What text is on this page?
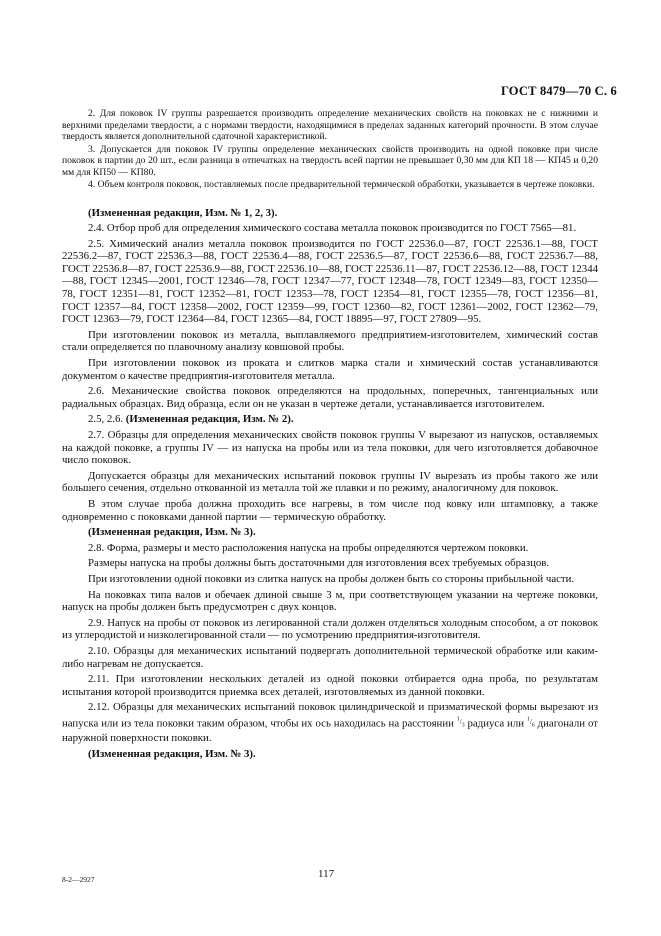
ГОСТ 8479—70 С. 6

2. Для поковок IV группы разрешается производить определение механических свойств на поковках не с нижними и верхними пределами твердости, а с нормами твердости, находящимися в пределах заданных категорий прочности. В этом случае твердость является дополнительной сдаточной характеристикой.

3. Допускается для поковок IV группы определение механических свойств производить на одной поковке при числе поковок в партии до 20 шт., если разница в отпечатках на твердость всей партии не превышает 0,30 мм для КП 18 — КП45 и 0,20 мм для КП50 — КП80.

4. Объем контроля поковок, поставляемых после предварительной термической обработки, указывается в чертеже поковки.

(Измененная редакция, Изм. № 1, 2, 3).

2.4. Отбор проб для определения химического состава металла поковок производится по ГОСТ 7565—81.

2.5. Химический анализ металла поковок производится по ГОСТ 22536.0—87, ГОСТ 22536.1—88, ГОСТ 22536.2—87, ГОСТ 22536.3—88, ГОСТ 22536.4—88, ГОСТ 22536.5—87, ГОСТ 22536.6—88, ГОСТ 22536.7—88, ГОСТ 22536.8—87, ГОСТ 22536.9—88, ГОСТ 22536.10—88, ГОСТ 22536.11—87, ГОСТ 22536.12—88, ГОСТ 12344—88, ГОСТ 12345—2001, ГОСТ 12346—78, ГОСТ 12347—77, ГОСТ 12348—78, ГОСТ 12349—83, ГОСТ 12350—78, ГОСТ 12351—81, ГОСТ 12352—81, ГОСТ 12353—78, ГОСТ 12354—81, ГОСТ 12355—78, ГОСТ 12356—81, ГОСТ 12357—84, ГОСТ 12358—2002, ГОСТ 12359—99, ГОСТ 12360—82, ГОСТ 12361—2002, ГОСТ 12362—79, ГОСТ 12363—79, ГОСТ 12364—84, ГОСТ 12365—84, ГОСТ 18895—97, ГОСТ 27809—95.

При изготовлении поковок из металла, выплавляемого предприятием-изготовителем, химический состав стали определяется по плавочному анализу ковшовой пробы.

При изготовлении поковок из проката и слитков марка стали и химический состав устанавливаются документом о качестве предприятия-изготовителя металла.

2.6. Механические свойства поковок определяются на продольных, поперечных, тангенциальных или радиальных образцах. Вид образца, если он не указан в чертеже детали, устанавливается изготовителем.

2.5, 2.6. (Измененная редакция, Изм. № 2).

2.7. Образцы для определения механических свойств поковок группы V вырезают из напусков, оставляемых на каждой поковке, а группы IV — из напуска на пробы или из тела поковки, для чего изготовляется добавочное число поковок.

Допускается образцы для механических испытаний поковок группы IV вырезать из пробы такого же или большего сечения, отдельно откованной из металла той же плавки и по режиму, аналогичному для поковок.

В этом случае проба должна проходить все нагревы, в том числе под ковку или штамповку, а также одновременно с поковками данной партии — термическую обработку.

(Измененная редакция, Изм. № 3).

2.8. Форма, размеры и место расположения напуска на пробы определяются чертежом поковки.

Размеры напуска на пробы должны быть достаточными для изготовления всех требуемых образцов.

При изготовлении одной поковки из слитка напуск на пробы должен быть со стороны прибыльной части.

На поковках типа валов и обечаек длиной свыше 3 м, при соответствующем указании на чертеже поковки, напуск на пробы должен быть предусмотрен с двух концов.

2.9. Напуск на пробы от поковок из легированной стали должен отделяться холодным способом, а от поковок из углеродистой и низколегированной стали — по усмотрению предприятия-изготовителя.

2.10. Образцы для механических испытаний подвергать дополнительной термической обработке или каким-либо нагревам не допускается.

2.11. При изготовлении нескольких деталей из одной поковки отбирается одна проба, по результатам испытания которой производится приемка всех деталей, изготовляемых из данной поковки.

2.12. Образцы для механических испытаний поковок цилиндрической и призматической формы вырезают из напуска или из тела поковки таким образом, чтобы их ось находилась на расстоянии $^1/_3$ радиуса или $^1/_6$ диагонали от наружной поверхности поковки.

(Измененная редакция, Изм. № 3).

8-2—2927	117
